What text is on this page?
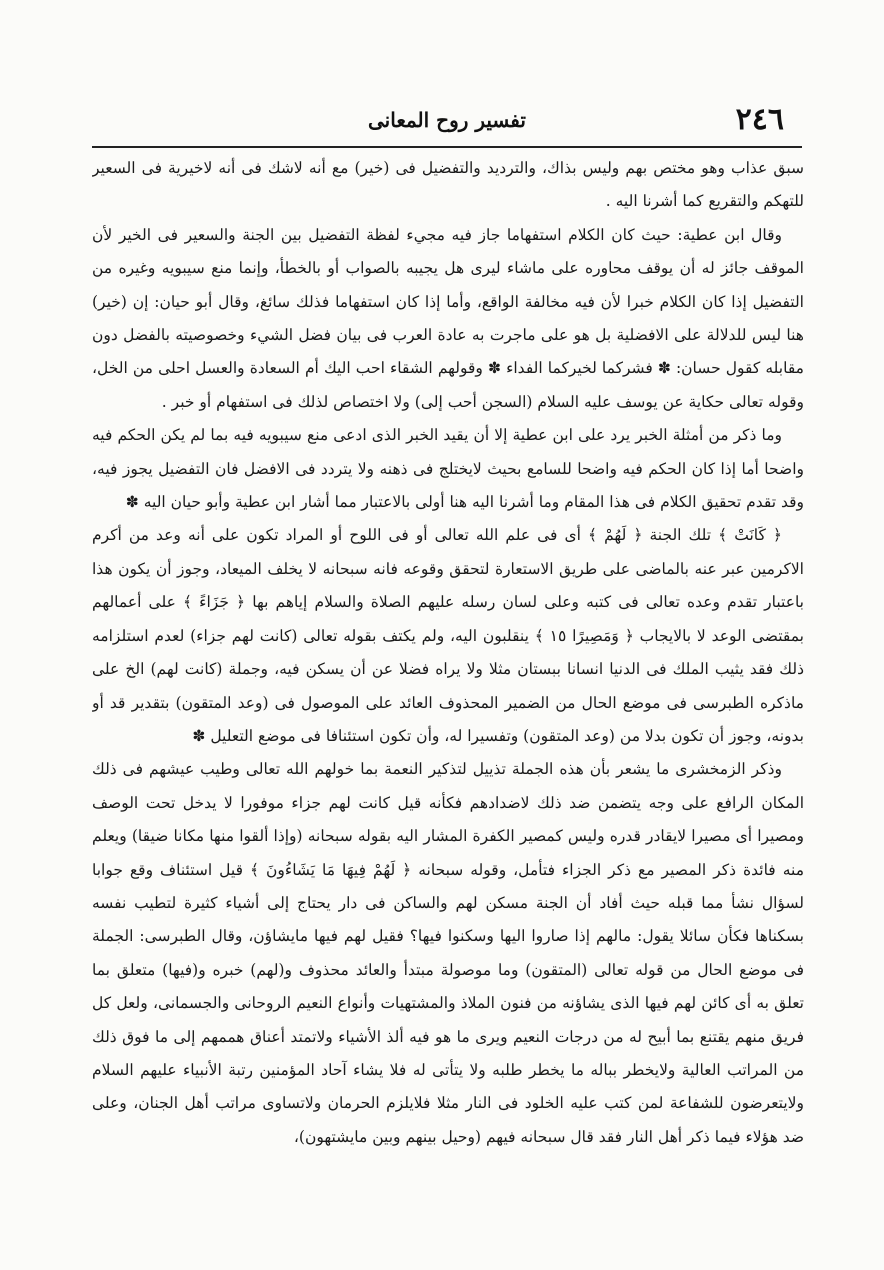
٢٤٦
تفسير روح المعانى

سبق عذاب وهو مختص بهم وليس بذاك، والترديد والتفضيل فى (خير) مع أنه لاشك فى أنه لاخيرية فى السعير للتهكم والتقريع كما أشرنا اليه ‌.

وقال ابن عطية: حيث كان الكلام استفهاما جاز فيه مجيء لفظة التفضيل بين الجنة والسعير فى الخير لأن الموقف جائز له أن يوقف محاوره على ماشاء ليرى هل يجيبه بالصواب أو بالخطأ، وإنما منع سيبويه وغيره من التفضيل إذا كان الكلام خبرا لأن فيه مخالفة الواقع، وأما إذا كان استفهاما فذلك سائغ، وقال أبو حيان: إن (خير) هنا ليس للدلالة على الافضلية بل هو على ماجرت به عادة العرب فى بيان فضل الشيء وخصوصيته بالفضل دون مقابله كقول حسان: ✽ فشركما لخيركما الفداء ✽ وقولهم الشقاء احب اليك أم السعادة والعسل احلى من الخل، وقوله تعالى حكاية عن يوسف عليه السلام (السجن أحب إلى) ولا اختصاص لذلك فى استفهام أو خبر ‌.

وما ذكر من أمثلة الخبر يرد على ابن عطية إلا أن يقيد الخبر الذى ادعى منع سيبويه فيه بما لم يكن الحكم فيه واضحا أما إذا كان الحكم فيه واضحا للسامع بحيث لايختلج فى ذهنه ولا يتردد فى الافضل فان التفضيل يجوز فيه، وقد تقدم تحقيق الكلام فى هذا المقام وما أشرنا اليه هنا أولى بالاعتبار مما أشار ابن عطية وأبو حيان اليه ✽

﴿ كَانَتْ ﴾ تلك الجنة ﴿ لَهُمْ ﴾ أى فى علم الله تعالى أو فى اللوح أو المراد تكون على أنه وعد من أكرم الاكرمين عبر عنه بالماضى على طريق الاستعارة لتحقق وقوعه فانه سبحانه لا يخلف الميعاد، وجوز أن يكون هذا باعتبار تقدم وعده تعالى فى كتبه وعلى لسان رسله عليهم الصلاة والسلام إياهم بها ﴿ جَزَاءً ﴾ على أعمالهم بمقتضى الوعد لا بالايجاب ﴿ وَمَصِيرًا ١٥ ﴾ ينقلبون اليه، ولم يكتف بقوله تعالى (كانت لهم جزاء) لعدم استلزامه ذلك فقد يثيب الملك فى الدنيا انسانا ببستان مثلا ولا يراه فضلا عن أن يسكن فيه، وجملة (كانت لهم) الخ على ماذكره الطبرسى فى موضع الحال من الضمير المحذوف العائد على الموصول فى (وعد المتقون) بتقدير قد أو بدونه، وجوز أن تكون بدلا من (وعد المتقون) وتفسيرا له، وأن تكون استئنافا فى موضع التعليل ✽

وذكر الزمخشرى ما يشعر بأن هذه الجملة تذييل لتذكير النعمة بما خولهم الله تعالى وطيب عيشهم فى ذلك المكان الرافع على وجه يتضمن ضد ذلك لاضدادهم فكأنه قيل كانت لهم جزاء موفورا لا يدخل تحت الوصف ومصيرا أى مصيرا لايقادر قدره وليس كمصير الكفرة المشار اليه بقوله سبحانه (وإذا ألقوا منها مكانا ضيقا) ويعلم منه فائدة ذكر المصير مع ذكر الجزاء فتأمل، وقوله سبحانه ﴿ لَهُمْ فِيهَا مَا يَشَاءُونَ ﴾ قيل استئناف وقع جوابا لسؤال نشأ مما قبله حيث أفاد أن الجنة مسكن لهم والساكن فى دار يحتاج إلى أشياء كثيرة لتطيب نفسه بسكناها فكأن سائلا يقول: مالهم إذا صاروا اليها وسكنوا فيها؟ فقيل لهم فيها مايشاؤن، وقال الطبرسى: الجملة فى موضع الحال من قوله تعالى (المتقون) وما موصولة مبتدأ والعائد محذوف و(لهم) خبره و(فيها) متعلق بما تعلق به أى كائن لهم فيها الذى يشاؤنه من فنون الملاذ والمشتهيات وأنواع النعيم الروحانى والجسمانى، ولعل كل فريق منهم يقتنع بما أبيح له من درجات النعيم ويرى ما هو فيه ألذ الأشياء ولاتمتد أعناق هممهم إلى ما فوق ذلك من المراتب العالية ولايخطر بباله ما يخطر طلبه ولا يتأتى له فلا يشاء آحاد المؤمنين رتبة الأنبياء عليهم السلام ولايتعرضون للشفاعة لمن كتب عليه الخلود فى النار مثلا فلايلزم الحرمان ولاتساوى مراتب أهل الجنان، وعلى ضد هؤلاء فيما ذكر أهل النار فقد قال سبحانه فيهم (وحيل بينهم وبين مايشتهون)،
